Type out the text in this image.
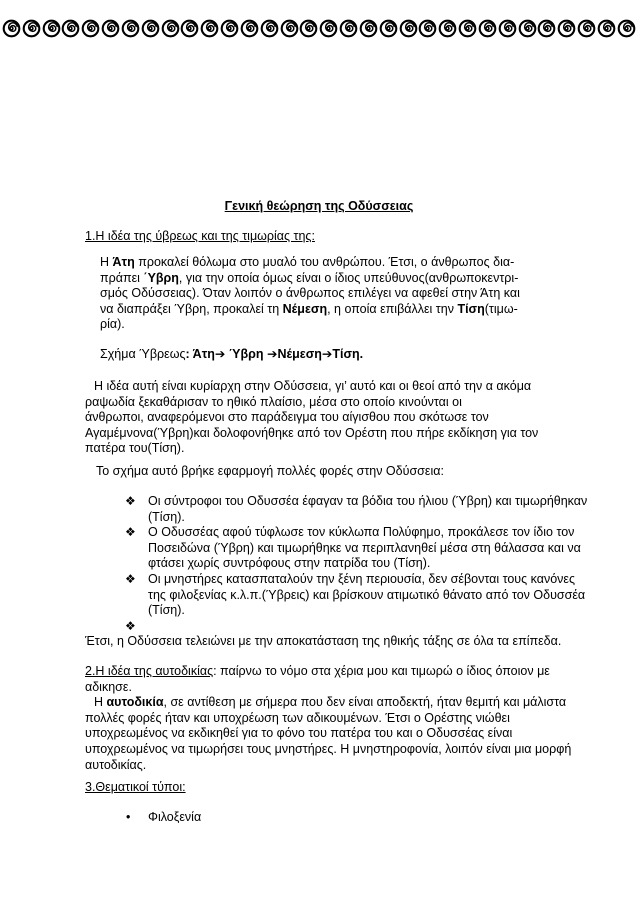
Γενική θεώρηση της Οδύσσειας
1.Η ιδέα της ύβρεως και της τιμωρίας της:
Η Άτη προκαλεί θόλωμα στο μυαλό του ανθρώπου. Έτσι, ο άνθρωπος δια-
πράπει ΄Υβρη, για την οποία όμως είναι ο ίδιος υπεύθυνος(ανθρωποκεντρι-
σμός Οδύσσειας). Όταν λοιπόν ο άνθρωπος επιλέγει να αφεθεί στην Άτη και
να διαπράξει Ύβρη, προκαλεί τη Νέμεση, η οποία επιβάλλει την Τίση(τιμω-
ρία).
Σχήμα Ύβρεως: Άτη➔ Ύβρη ➔Νέμεση➔Τίση.
Η ιδέα αυτή είναι κυρίαρχη στην Οδύσσεια, γι’ αυτό και οι θεοί από την α ακόμα
ραψωδία ξεκαθάρισαν το ηθικό πλαίσιο, μέσα στο οποίο κινούνται οι
άνθρωποι, αναφερόμενοι στο παράδειγμα του αίγισθου που σκότωσε τον
Αγαμέμνονα(Ύβρη)και δολοφονήθηκε από τον Ορέστη που πήρε εκδίκηση για τον
πατέρα του(Τίση).
Το σχήμα αυτό βρήκε εφαρμογή πολλές φορές στην Οδύσσεια:
❖ Οι σύντροφοι του Οδυσσέα έφαγαν τα βόδια του ήλιου (Ύβρη) και τιμωρήθηκαν
(Τίση).
❖ Ο Οδυσσέας αφού τύφλωσε τον κύκλωπα Πολύφημο, προκάλεσε τον ίδιο τον
Ποσειδώνα (Ύβρη) και τιμωρήθηκε να περιπλανηθεί μέσα στη θάλασσα και να
φτάσει χωρίς συντρόφους στην πατρίδα του (Τίση).
❖ Οι μνηστήρες κατασπαταλούν την ξένη περιουσία, δεν σέβονται τους κανόνες
της φιλοξενίας κ.λ.π.(Ύβρεις) και βρίσκουν ατιμωτικό θάνατο από τον Οδυσσέα
(Τίση).
❖
Έτσι, η Οδύσσεια τελειώνει με την αποκατάσταση της ηθικής τάξης σε όλα τα επίπεδα.
2.Η ιδέα της αυτοδικίας: παίρνω το νόμο στα χέρια μου και τιμωρώ ο ίδιος όποιον με
αδικησε.
Η αυτοδικία, σε αντίθεση με σήμερα που δεν είναι αποδεκτή, ήταν θεμιτή και μάλιστα
πολλές φορές ήταν και υποχρέωση των αδικουμένων. Έτσι ο Ορέστης νιώθει
υποχρεωμένος να εκδικηθεί για το φόνο του πατέρα του και ο Οδυσσέας είναι
υποχρεωμένος να τιμωρήσει τους μνηστήρες. Η μνηστηροφονία, λοιπόν είναι μια μορφή
αυτοδικίας.
3.Θεματικοί τύποι:
• Φιλοξενία
